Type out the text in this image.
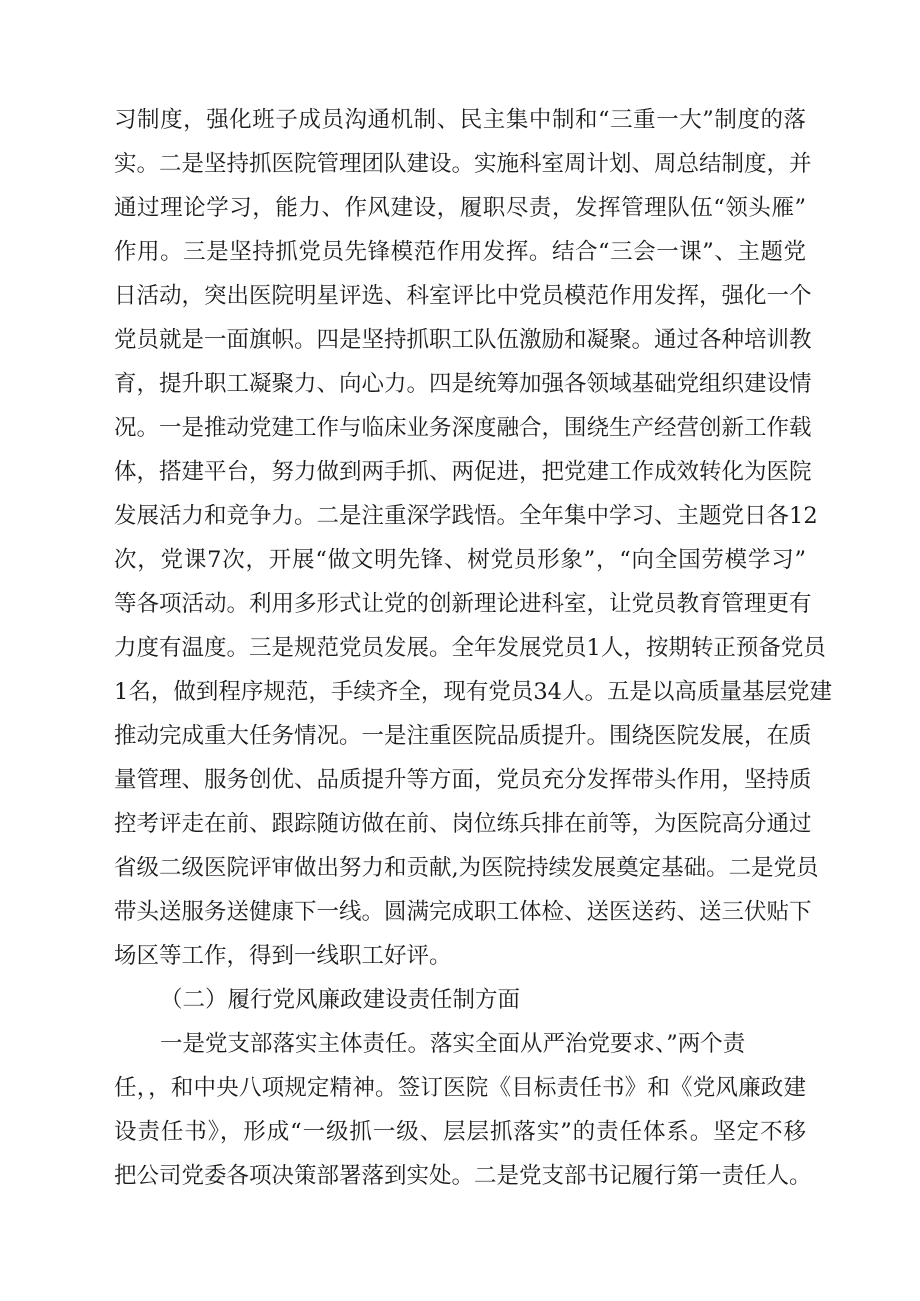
习制度，强化班子成员沟通机制、民主集中制和“三重一大”制度的落
实。二是坚持抓医院管理团队建设。实施科室周计划、周总结制度，并
通过理论学习，能力、作风建设，履职尽责，发挥管理队伍“领头雁”
作用。三是坚持抓党员先锋模范作用发挥。结合“三会一课”、主题党
日活动，突出医院明星评选、科室评比中党员模范作用发挥，强化一个
党员就是一面旗帜。四是坚持抓职工队伍激励和凝聚。通过各种培训教
育，提升职工凝聚力、向心力。四是统筹加强各领域基础党组织建设情
况。一是推动党建工作与临床业务深度融合，围绕生产经营创新工作载
体，搭建平台，努力做到两手抓、两促进，把党建工作成效转化为医院
发展活力和竞争力。二是注重深学践悟。全年集中学习、主题党日各12
次，党课7次，开展“做文明先锋、树党员形象”，“向全国劳模学习”
等各项活动。利用多形式让党的创新理论进科室，让党员教育管理更有
力度有温度。三是规范党员发展。全年发展党员1人，按期转正预备党员
1名，做到程序规范，手续齐全，现有党员34人。五是以高质量基层党建
推动完成重大任务情况。一是注重医院品质提升。围绕医院发展，在质
量管理、服务创优、品质提升等方面，党员充分发挥带头作用，坚持质
控考评走在前、跟踪随访做在前、岗位练兵排在前等，为医院高分通过
省级二级医院评审做出努力和贡献,为医院持续发展奠定基础。二是党员
带头送服务送健康下一线。圆满完成职工体检、送医送药、送三伏贴下
场区等工作，得到一线职工好评。
（二）履行党风廉政建设责任制方面
一是党支部落实主体责任。落实全面从严治党要求、”两个责
任，，和中央八项规定精神。签订医院《目标责任书》和《党风廉政建
设责任书》，形成“一级抓一级、层层抓落实”的责任体系。坚定不移
把公司党委各项决策部署落到实处。二是党支部书记履行第一责任人。
